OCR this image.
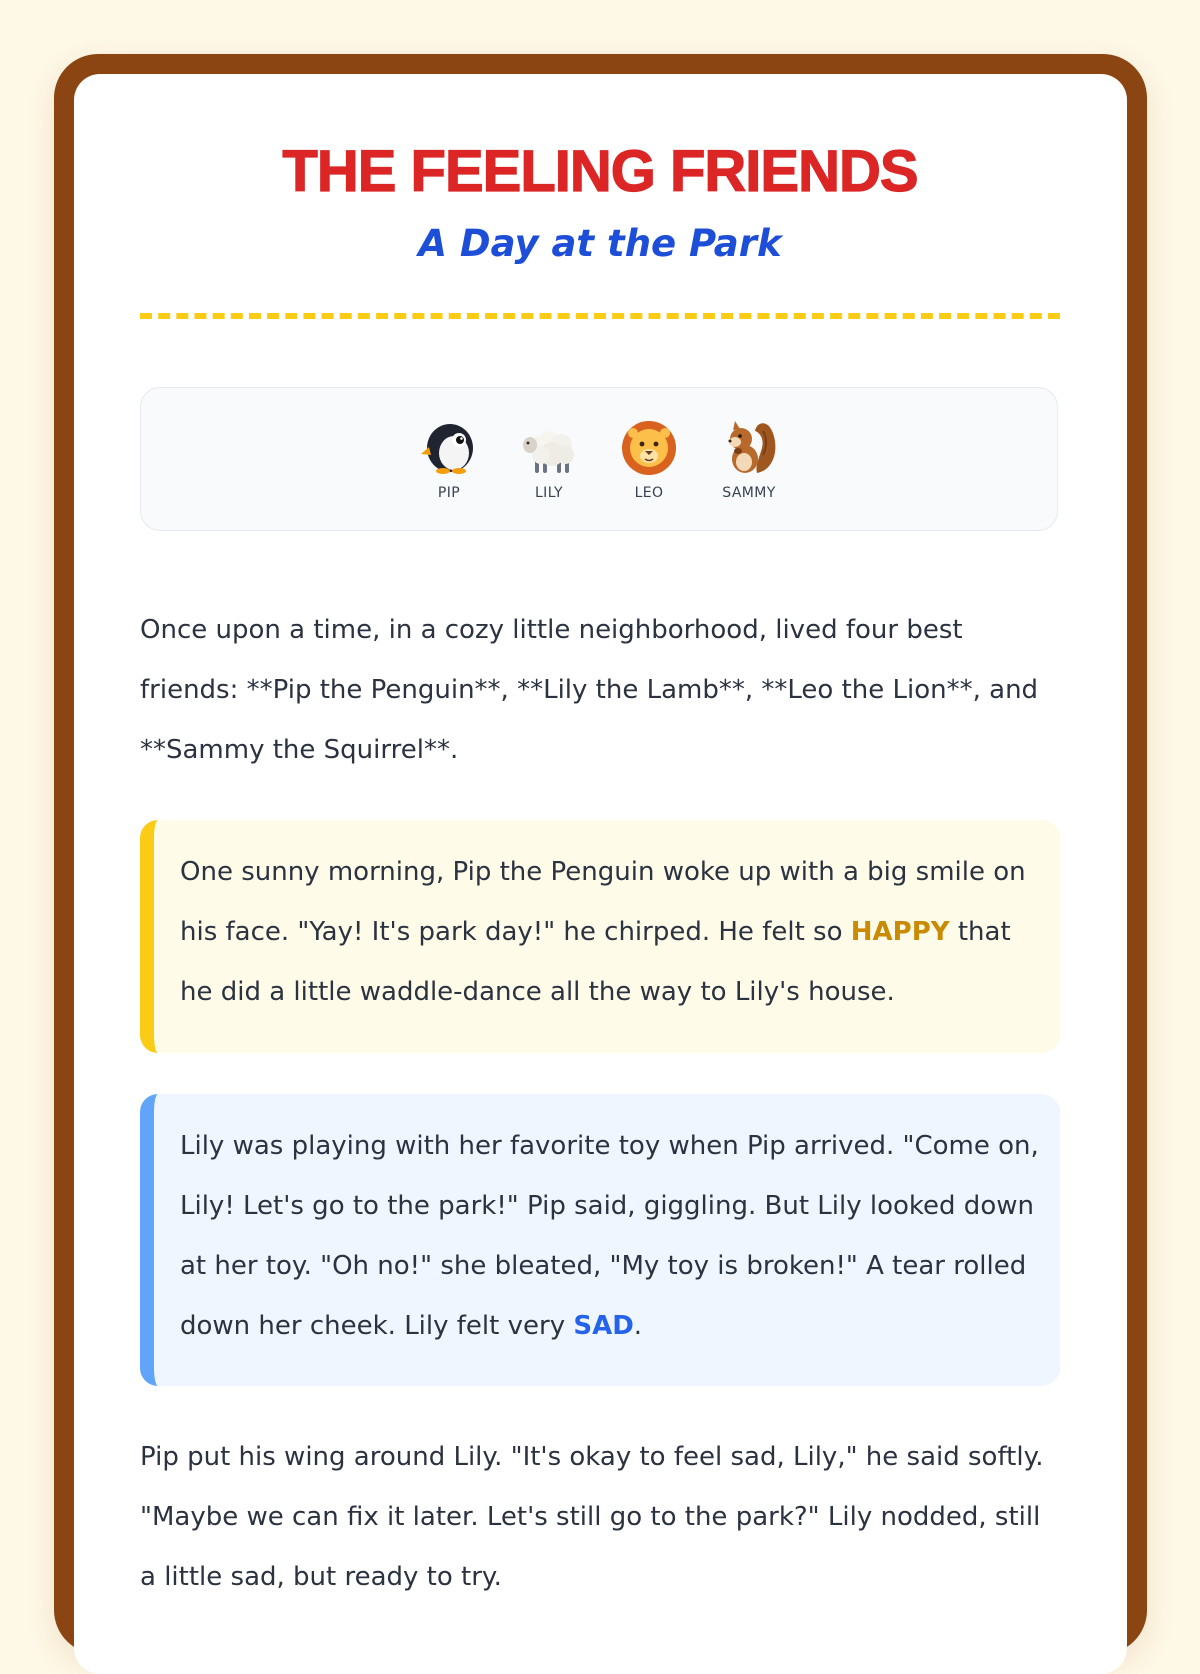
THE FEELING FRIENDS
A Day at the Park
PIP	LILY	LEO	SAMMY

Once upon a time, in a cozy little neighborhood, lived four best friends: **Pip the Penguin**, **Lily the Lamb**, **Leo the Lion**, and **Sammy the Squirrel**.

One sunny morning, Pip the Penguin woke up with a big smile on his face. "Yay! It's park day!" he chirped. He felt so HAPPY that he did a little waddle-dance all the way to Lily's house.

Lily was playing with her favorite toy when Pip arrived. "Come on, Lily! Let's go to the park!" Pip said, giggling. But Lily looked down at her toy. "Oh no!" she bleated, "My toy is broken!" A tear rolled down her cheek. Lily felt very SAD.

Pip put his wing around Lily. "It's okay to feel sad, Lily," he said softly. "Maybe we can fix it later. Let's still go to the park?" Lily nodded, still a little sad, but ready to try.
